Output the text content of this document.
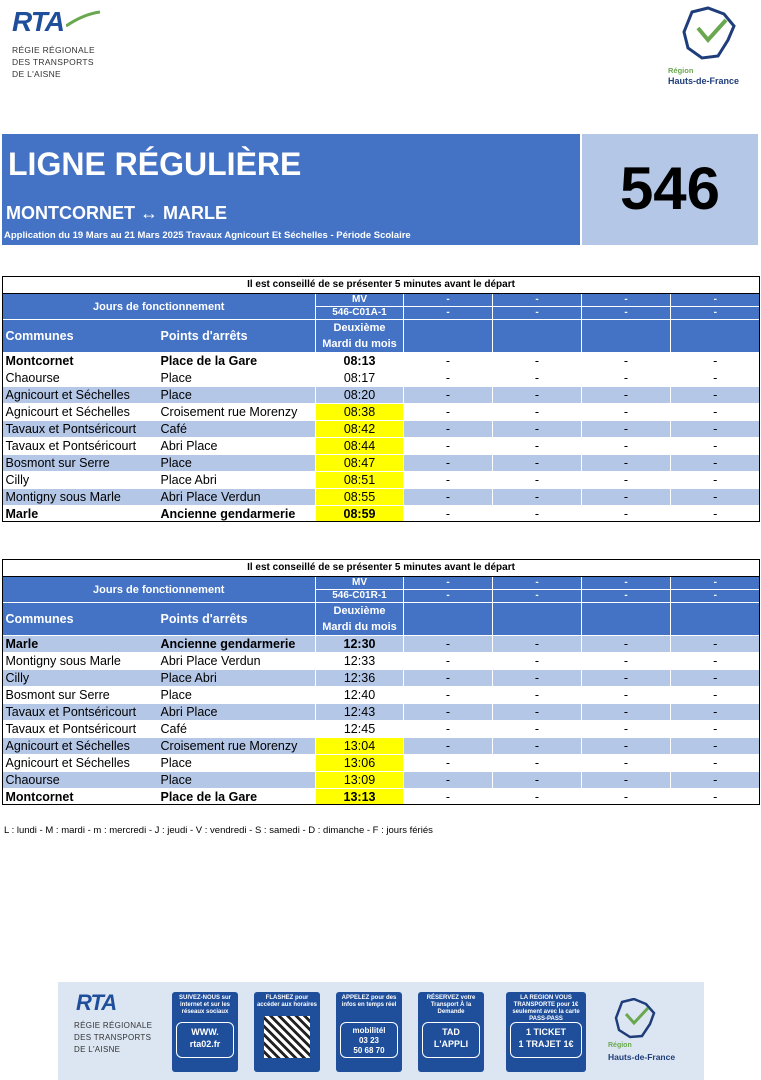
RTA
RÉGIE RÉGIONALE
DES TRANSPORTS
DE L'AISNE	Région
Hauts-de-France
LIGNE RÉGULIÈRE
MONTCORNET ↔ MARLE
Application du 19 Mars au 21 Mars 2025 Travaux Agnicourt Et Séchelles - Période Scolaire
546
Il est conseillé de se présenter 5 minutes avant le départ						
Jours de fonctionnement		MV	-	-	-	-
		546-C01A-1	-	-	-	-
Communes	Points d'arrêts	Deuxième
Mardi du mois				
Montcornet	Place de la Gare	08:13	-	-	-	-
Chaourse	Place	08:17	-	-	-	-
Agnicourt et Séchelles	Place	08:20	-	-	-	-
Agnicourt et Séchelles	Croisement rue Morenzy	08:38	-	-	-	-
Tavaux et Pontséricourt	Café	08:42	-	-	-	-
Tavaux et Pontséricourt	Abri Place	08:44	-	-	-	-
Bosmont sur Serre	Place	08:47	-	-	-	-
Cilly	Place Abri	08:51	-	-	-	-
Montigny sous Marle	Abri Place Verdun	08:55	-	-	-	-
Marle	Ancienne gendarmerie	08:59	-	-	-	-
Il est conseillé de se présenter 5 minutes avant le départ						
Jours de fonctionnement		MV	-	-	-	-
		546-C01R-1	-	-	-	-
Communes	Points d'arrêts	Deuxième
Mardi du mois				
Marle	Ancienne gendarmerie	12:30	-	-	-	-
Montigny sous Marle	Abri Place Verdun	12:33	-	-	-	-
Cilly	Place Abri	12:36	-	-	-	-
Bosmont sur Serre	Place	12:40	-	-	-	-
Tavaux et Pontséricourt	Abri Place	12:43	-	-	-	-
Tavaux et Pontséricourt	Café	12:45	-	-	-	-
Agnicourt et Séchelles	Croisement rue Morenzy	13:04	-	-	-	-
Agnicourt et Séchelles	Place	13:06	-	-	-	-
Chaourse	Place	13:09	-	-	-	-
Montcornet	Place de la Gare	13:13	-	-	-	-
L : lundi - M : mardi - m : mercredi - J : jeudi - V : vendredi - S : samedi - D : dimanche - F : jours fériés
RTA
RÉGIE RÉGIONALE
DES TRANSPORTS
DE L'AISNE
SUIVEZ-NOUS sur internet et sur les réseaux sociaux
WWW.
rta02.fr
FLASHEZ pour accéder aux horaires
APPELEZ pour des infos en temps réel
mobilitél
03 23
50 68 70
RÉSERVEZ votre Transport À la Demande
TAD
L'APPLI
LA REGION VOUS TRANSPORTE pour 1€ seulement avec la carte PASS-PASS
1 TICKET
1 TRAJET 1€	Région
Hauts-de-France
